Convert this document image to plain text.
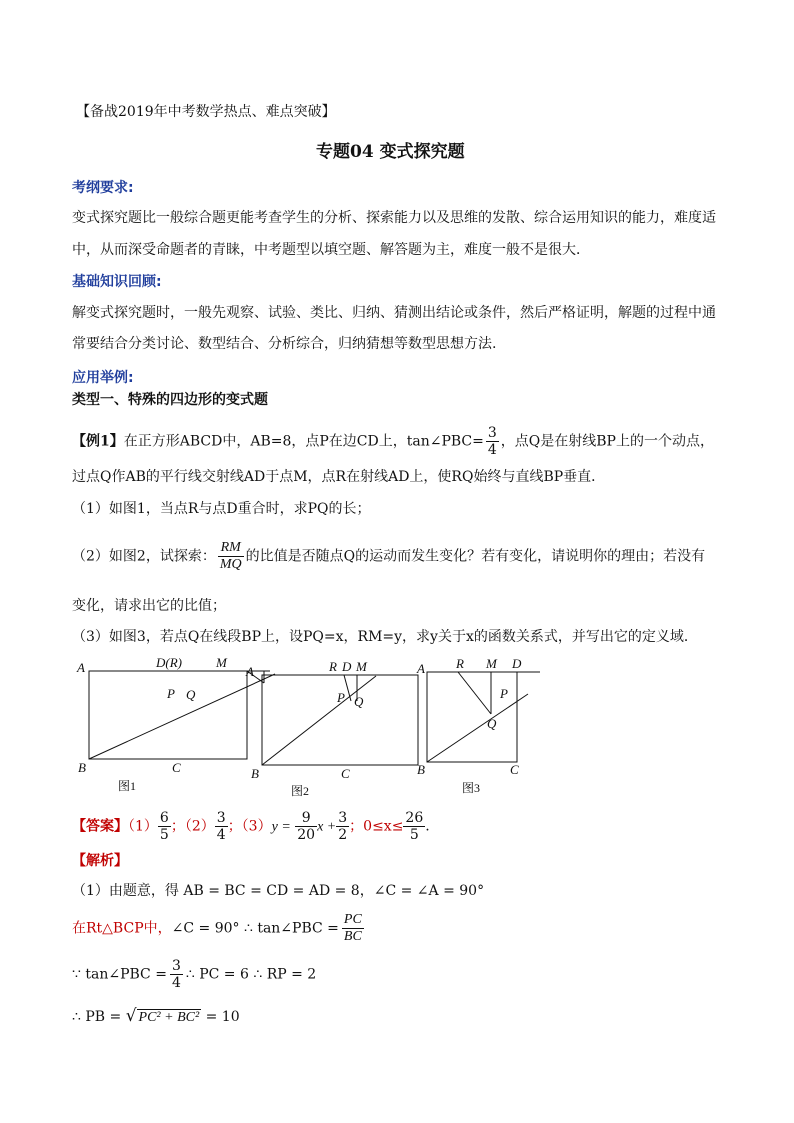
【备战2019年中考数学热点、难点突破】
专题04 变式探究题
考纲要求:
变式探究题比一般综合题更能考查学生的分析、探索能力以及思维的发散、综合运用知识的能力，难度适
中，从而深受命题者的青睐，中考题型以填空题、解答题为主，难度一般不是很大．
基础知识回顾:
解变式探究题时，一般先观察、试验、类比、归纳、猜测出结论或条件，然后严格证明，解题的过程中通
常要结合分类讨论、数型结合、分析综合，归纳猜想等数型思想方法.
应用举例:
类型一、特殊的四边形的变式题
【例1】在正方形ABCD中，AB=8，点P在边CD上，tan∠PBC= $\frac{3}{4}$ ，点Q是在射线BP上的一个动点，
过点Q作AB的平行线交射线AD于点M，点R在射线AD上，使RQ始终与直线BP垂直．
（1）如图1，当点R与点D重合时，求PQ的长；
（2）如图2，试探索： $\frac{RM}{MQ}$ 的比值是否随点Q的运动而发生变化？若有变化，请说明你的理由；若没有
变化，请求出它的比值；
（3）如图3，若点Q在线段BP上，设PQ=x，RM=y，求y关于x的函数关系式，并写出它的定义域．
A	D(R)	M
P Q
B	C
图1
A	R D M
P Q
B	C
图2
A R M D
P
Q
B	C
图3
【答案】$(1) \frac{6}{5}$ ；$(2) \frac{3}{4}$ ；$(3)y = \frac{9}{20}$ $x + \frac{3}{2}$ ；$0\le x\le \frac{26}{5}$ .
【解析】
（1）由题意，得 AB = BC = CD = AD = 8，∠C = ∠A = 90°
在Rt△BCP中，∠C = 90° ∴ tan∠PBC = $\frac{PC}{BC}$
∵ tan∠PBC = $\frac{3}{4}$ ∴ PC = 6 ∴ RP = 2
∴ PB = √ PC² + BC² = 10
